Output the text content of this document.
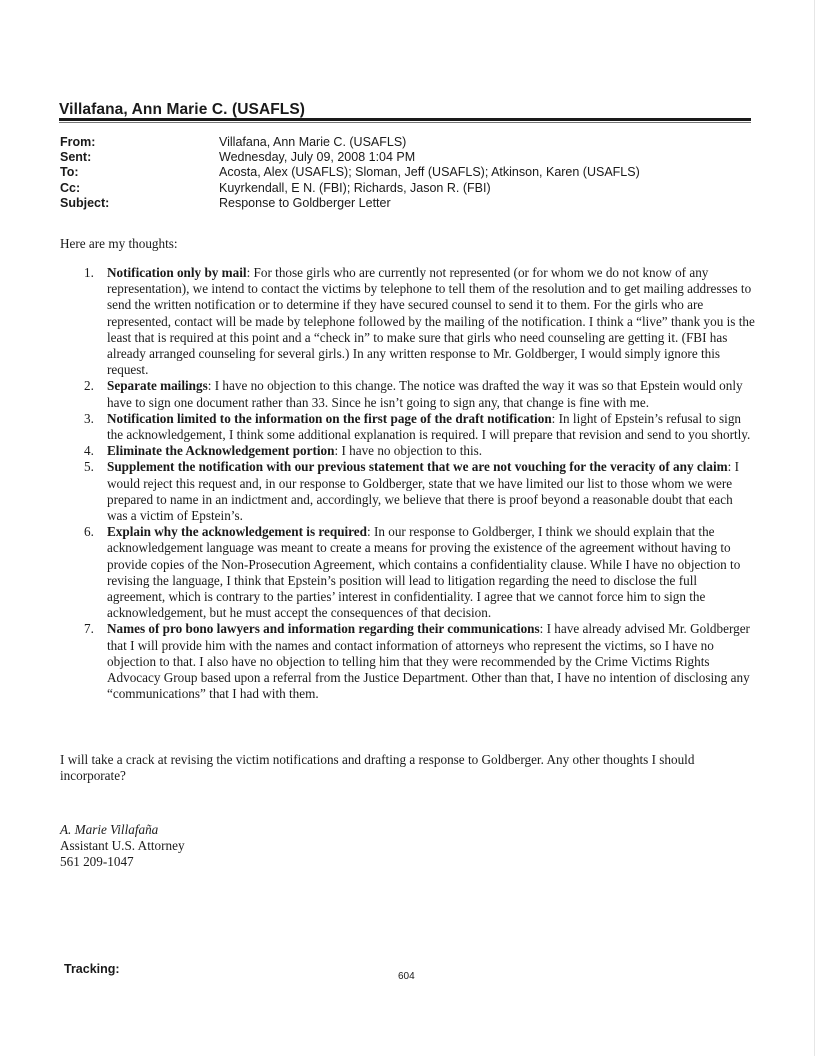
Villafana, Ann Marie C. (USAFLS)
From:	Villafana, Ann Marie C. (USAFLS)
Sent:	Wednesday, July 09, 2008 1:04 PM
To:	Acosta, Alex (USAFLS); Sloman, Jeff (USAFLS); Atkinson, Karen (USAFLS)
Cc:	Kuyrkendall, E N. (FBI); Richards, Jason R. (FBI)
Subject:	Response to Goldberger Letter
Here are my thoughts:
1. Notification only by mail: For those girls who are currently not represented (or for whom we do not know of any representation), we intend to contact the victims by telephone to tell them of the resolution and to get mailing addresses to send the written notification or to determine if they have secured counsel to send it to them. For the girls who are represented, contact will be made by telephone followed by the mailing of the notification. I think a “live” thank you is the least that is required at this point and a “check in” to make sure that girls who need counseling are getting it. (FBI has already arranged counseling for several girls.) In any written response to Mr. Goldberger, I would simply ignore this request.
2. Separate mailings: I have no objection to this change. The notice was drafted the way it was so that Epstein would only have to sign one document rather than 33. Since he isn’t going to sign any, that change is fine with me.
3. Notification limited to the information on the first page of the draft notification: In light of Epstein’s refusal to sign the acknowledgement, I think some additional explanation is required. I will prepare that revision and send to you shortly.
4. Eliminate the Acknowledgement portion: I have no objection to this.
5. Supplement the notification with our previous statement that we are not vouching for the veracity of any claim: I would reject this request and, in our response to Goldberger, state that we have limited our list to those whom we were prepared to name in an indictment and, accordingly, we believe that there is proof beyond a reasonable doubt that each was a victim of Epstein’s.
6. Explain why the acknowledgement is required: In our response to Goldberger, I think we should explain that the acknowledgement language was meant to create a means for proving the existence of the agreement without having to provide copies of the Non-Prosecution Agreement, which contains a confidentiality clause. While I have no objection to revising the language, I think that Epstein’s position will lead to litigation regarding the need to disclose the full agreement, which is contrary to the parties’ interest in confidentiality. I agree that we cannot force him to sign the acknowledgement, but he must accept the consequences of that decision.
7. Names of pro bono lawyers and information regarding their communications: I have already advised Mr. Goldberger that I will provide him with the names and contact information of attorneys who represent the victims, so I have no objection to that. I also have no objection to telling him that they were recommended by the Crime Victims Rights Advocacy Group based upon a referral from the Justice Department. Other than that, I have no intention of disclosing any “communications” that I had with them.
I will take a crack at revising the victim notifications and drafting a response to Goldberger. Any other thoughts I should incorporate?
A. Marie Villafaña
Assistant U.S. Attorney
561 209-1047
Tracking:
604
